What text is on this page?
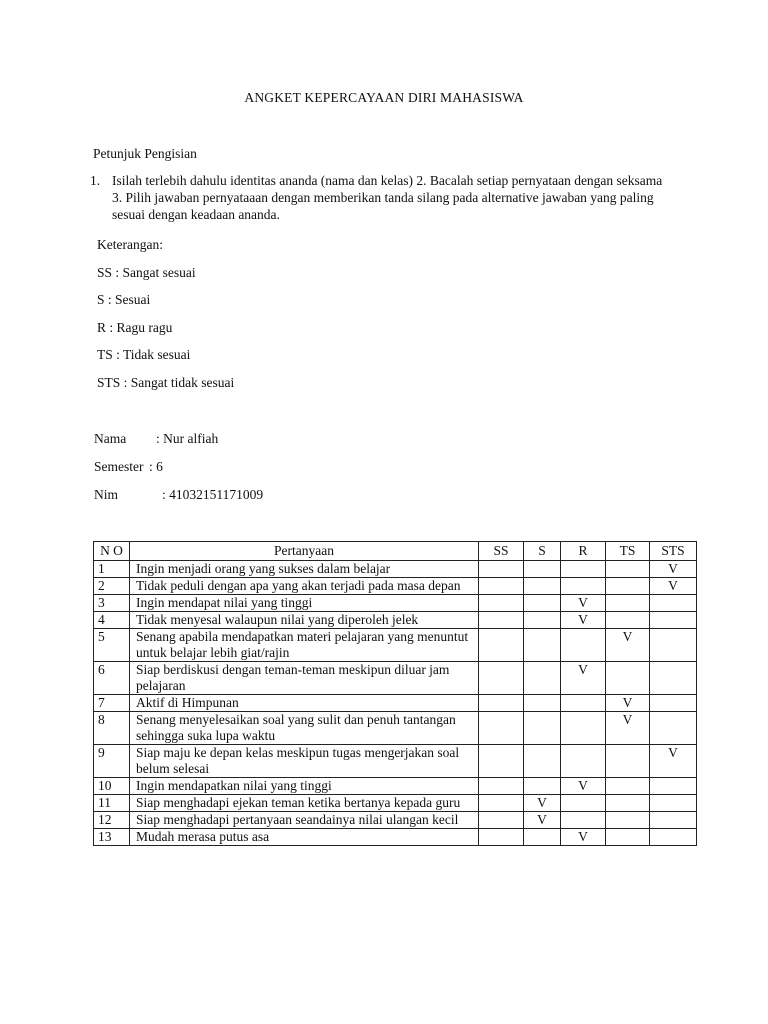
ANGKET KEPERCAYAAN DIRI MAHASISWA
Petunjuk Pengisian
1. Isilah terlebih dahulu identitas ananda (nama dan kelas) 2. Bacalah setiap pernyataan dengan seksama 3. Pilih jawaban pernyataaan dengan memberikan tanda silang pada alternative jawaban yang paling sesuai dengan keadaan ananda.
Keterangan:
SS : Sangat sesuai
S : Sesuai
R : Ragu ragu
TS : Tidak sesuai
STS : Sangat tidak sesuai
Nama : Nur alfiah
Semester : 6
Nim	: 41032151171009
N O	Pertanyaan	SS	S	R	TS	STS
1	Ingin menjadi orang yang sukses dalam belajar					V
2	Tidak peduli dengan apa yang akan terjadi pada masa depan					V
3	Ingin mendapat nilai yang tinggi			V		
4	Tidak menyesal walaupun nilai yang diperoleh jelek			V		
5	Senang apabila mendapatkan materi pelajaran yang menuntut untuk belajar lebih giat/rajin				V	
6	Siap berdiskusi dengan teman-teman meskipun diluar jam pelajaran			V		
7	Aktif di Himpunan				V	
8	Senang menyelesaikan soal yang sulit dan penuh tantangan sehingga suka lupa waktu				V	
9	Siap maju ke depan kelas meskipun tugas mengerjakan soal belum selesai					V
10	Ingin mendapatkan nilai yang tinggi			V		
11	Siap menghadapi ejekan teman ketika bertanya kepada guru		V			
12	Siap menghadapi pertanyaan seandainya nilai ulangan kecil		V			
13	Mudah merasa putus asa			V		
